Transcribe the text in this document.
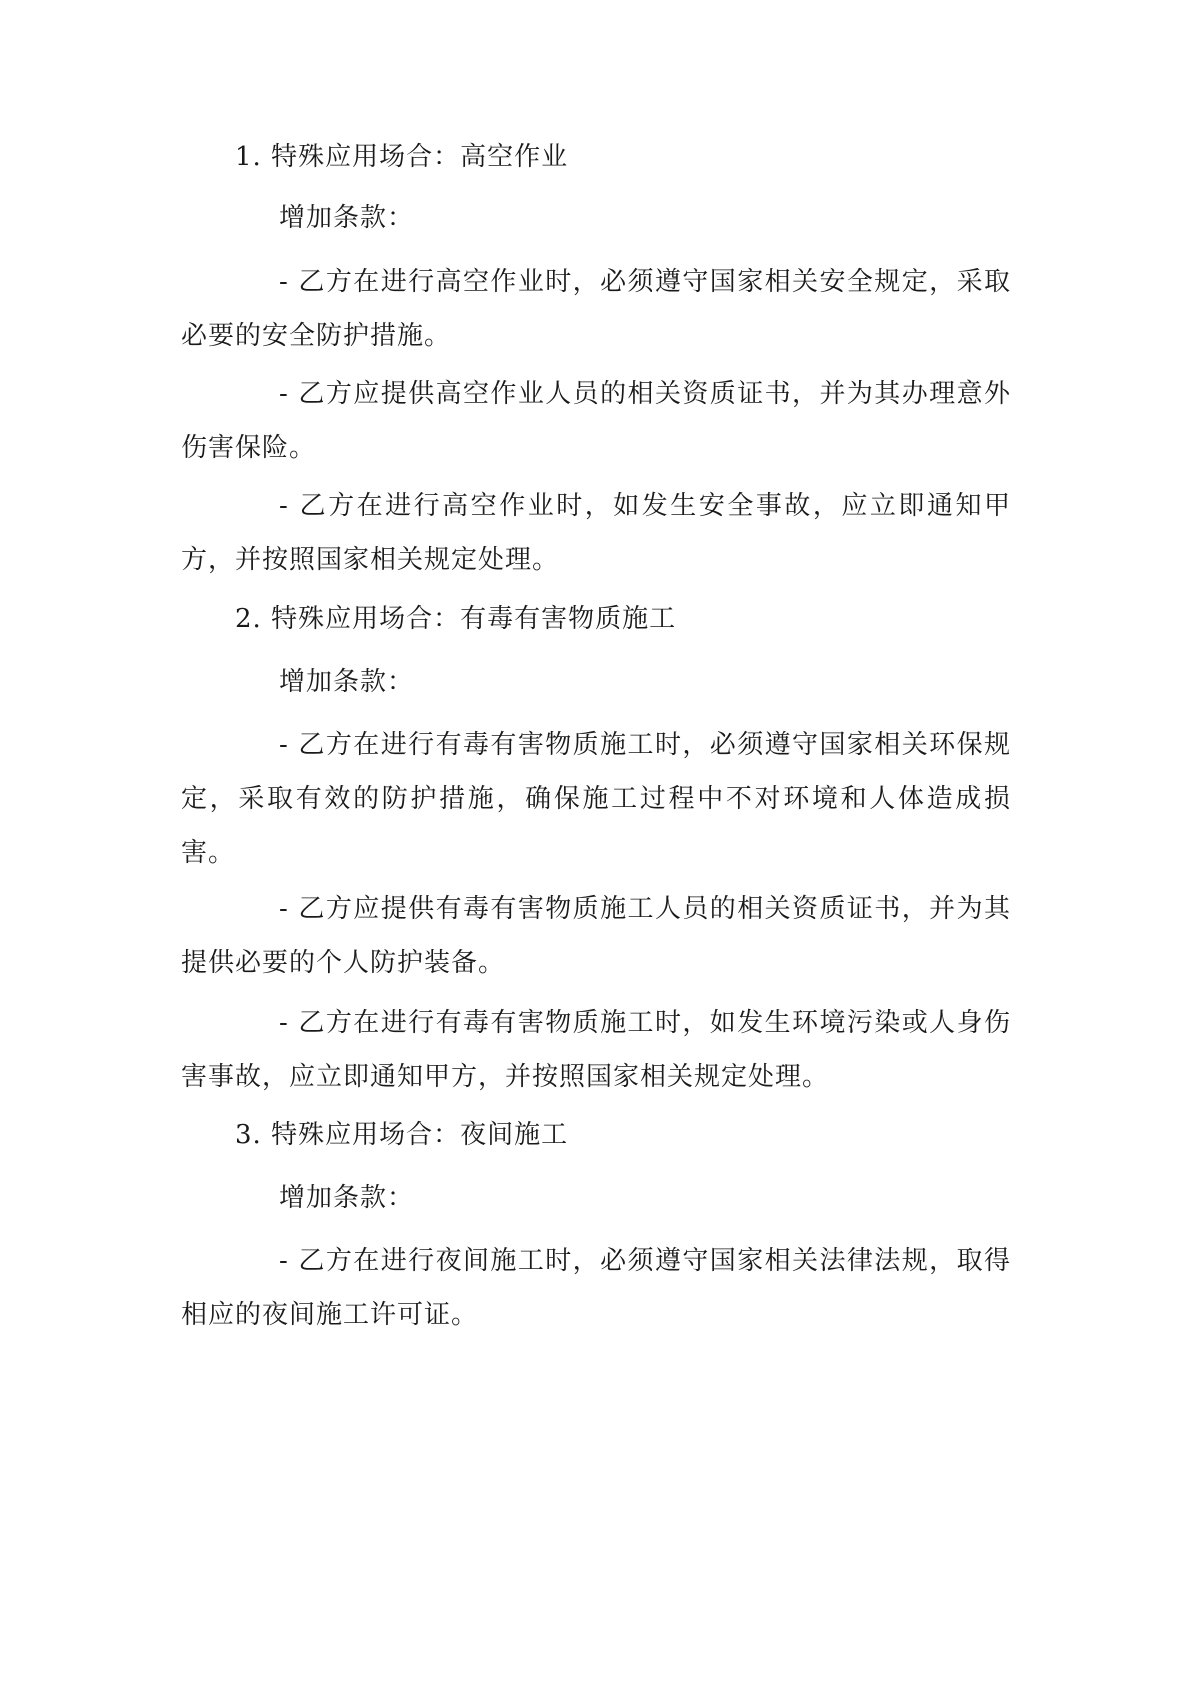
1. 特殊应用场合：高空作业
增加条款：
- 乙方在进行高空作业时，必须遵守国家相关安全规定，采取必要的安全防护措施。
- 乙方应提供高空作业人员的相关资质证书，并为其办理意外伤害保险。
- 乙方在进行高空作业时，如发生安全事故，应立即通知甲方，并按照国家相关规定处理。
2. 特殊应用场合：有毒有害物质施工
增加条款：
- 乙方在进行有毒有害物质施工时，必须遵守国家相关环保规定，采取有效的防护措施，确保施工过程中不对环境和人体造成损害。
- 乙方应提供有毒有害物质施工人员的相关资质证书，并为其提供必要的个人防护装备。
- 乙方在进行有毒有害物质施工时，如发生环境污染或人身伤害事故，应立即通知甲方，并按照国家相关规定处理。
3. 特殊应用场合：夜间施工
增加条款：
- 乙方在进行夜间施工时，必须遵守国家相关法律法规，取得相应的夜间施工许可证。
